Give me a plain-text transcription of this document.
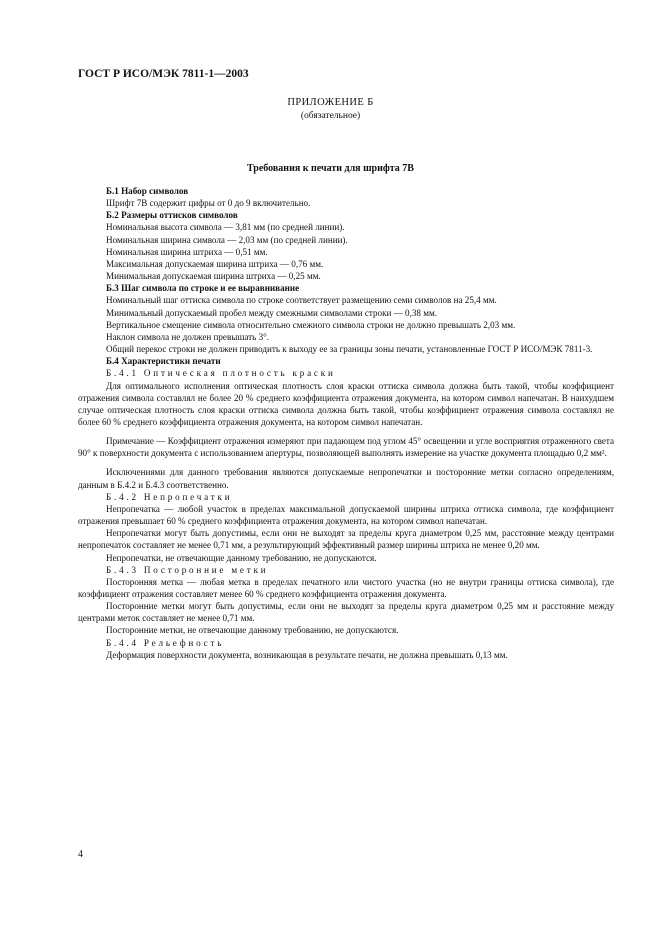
ГОСТ Р ИСО/МЭК 7811-1—2003
ПРИЛОЖЕНИЕ Б
(обязательное)
Требования к печати для шрифта 7В

Б.1 Набор символов

Шрифт 7В содержит цифры от 0 до 9 включительно.

Б.2 Размеры оттисков символов

Номинальная высота символа — 3,81 мм (по средней линии).

Номинальная ширина символа — 2,03 мм (по средней линии).

Номинальная ширина штриха — 0,51 мм.

Максимальная допускаемая ширина штриха — 0,76 мм.

Минимальная допускаемая ширина штриха — 0,25 мм.

Б.3 Шаг символа по строке и ее выравнивание

Номинальный шаг оттиска символа по строке соответствует размещению семи символов на 25,4 мм.

Минимальный допускаемый пробел между смежными символами строки — 0,38 мм.

Вертикальное смещение символа относительно смежного символа строки не должно превышать 2,03 мм.

Наклон символа не должен превышать 3°.

Общий перекос строки не должен приводить к выходу ее за границы зоны печати, установленные ГОСТ Р ИСО/МЭК 7811-3.

Б.4 Характеристики печати

Б.4.1 Оптическая плотность краски

Для оптимального исполнения оптическая плотность слоя краски оттиска символа должна быть такой, чтобы коэффициент отражения символа составлял не более 20 % среднего коэффициента отражения документа, на котором символ напечатан. В наихудшем случае оптическая плотность слоя краски оттиска символа должна быть такой, чтобы коэффициент отражения символа составлял не более 60 % среднего коэффициента отражения документа, на котором символ напечатан.

Примечание — Коэффициент отражения измеряют при падающем под углом 45° освещении и угле восприятия отраженного света 90° к поверхности документа с использованием апертуры, позволяющей выполнять измерение на участке документа площадью 0,2 мм².

Исключениями для данного требования являются допускаемые непропечатки и посторонние метки согласно определениям, данным в Б.4.2 и Б.4.3 соответственно.

Б.4.2 Непропечатки

Непропечатка — любой участок в пределах максимальной допускаемой ширины штриха оттиска символа, где коэффициент отражения превышает 60 % среднего коэффициента отражения документа, на котором символ напечатан.

Непропечатки могут быть допустимы, если они не выходят за пределы круга диаметром 0,25 мм, расстояние между центрами непропечаток составляет не менее 0,71 мм, а результирующий эффективный размер ширины штриха не менее 0,20 мм.

Непропечатки, не отвечающие данному требованию, не допускаются.

Б.4.3 Посторонние метки

Посторонняя метка — любая метка в пределах печатного или чистого участка (но не внутри границы оттиска символа), где коэффициент отражения составляет менее 60 % среднего коэффициента отражения документа.

Посторонние метки могут быть допустимы, если они не выходят за пределы круга диаметром 0,25 мм и расстояние между центрами меток составляет не менее 0,71 мм.

Посторонние метки, не отвечающие данному требованию, не допускаются.

Б.4.4 Рельефность

Деформация поверхности документа, возникающая в результате печати, не должна превышать 0,13 мм.

4
